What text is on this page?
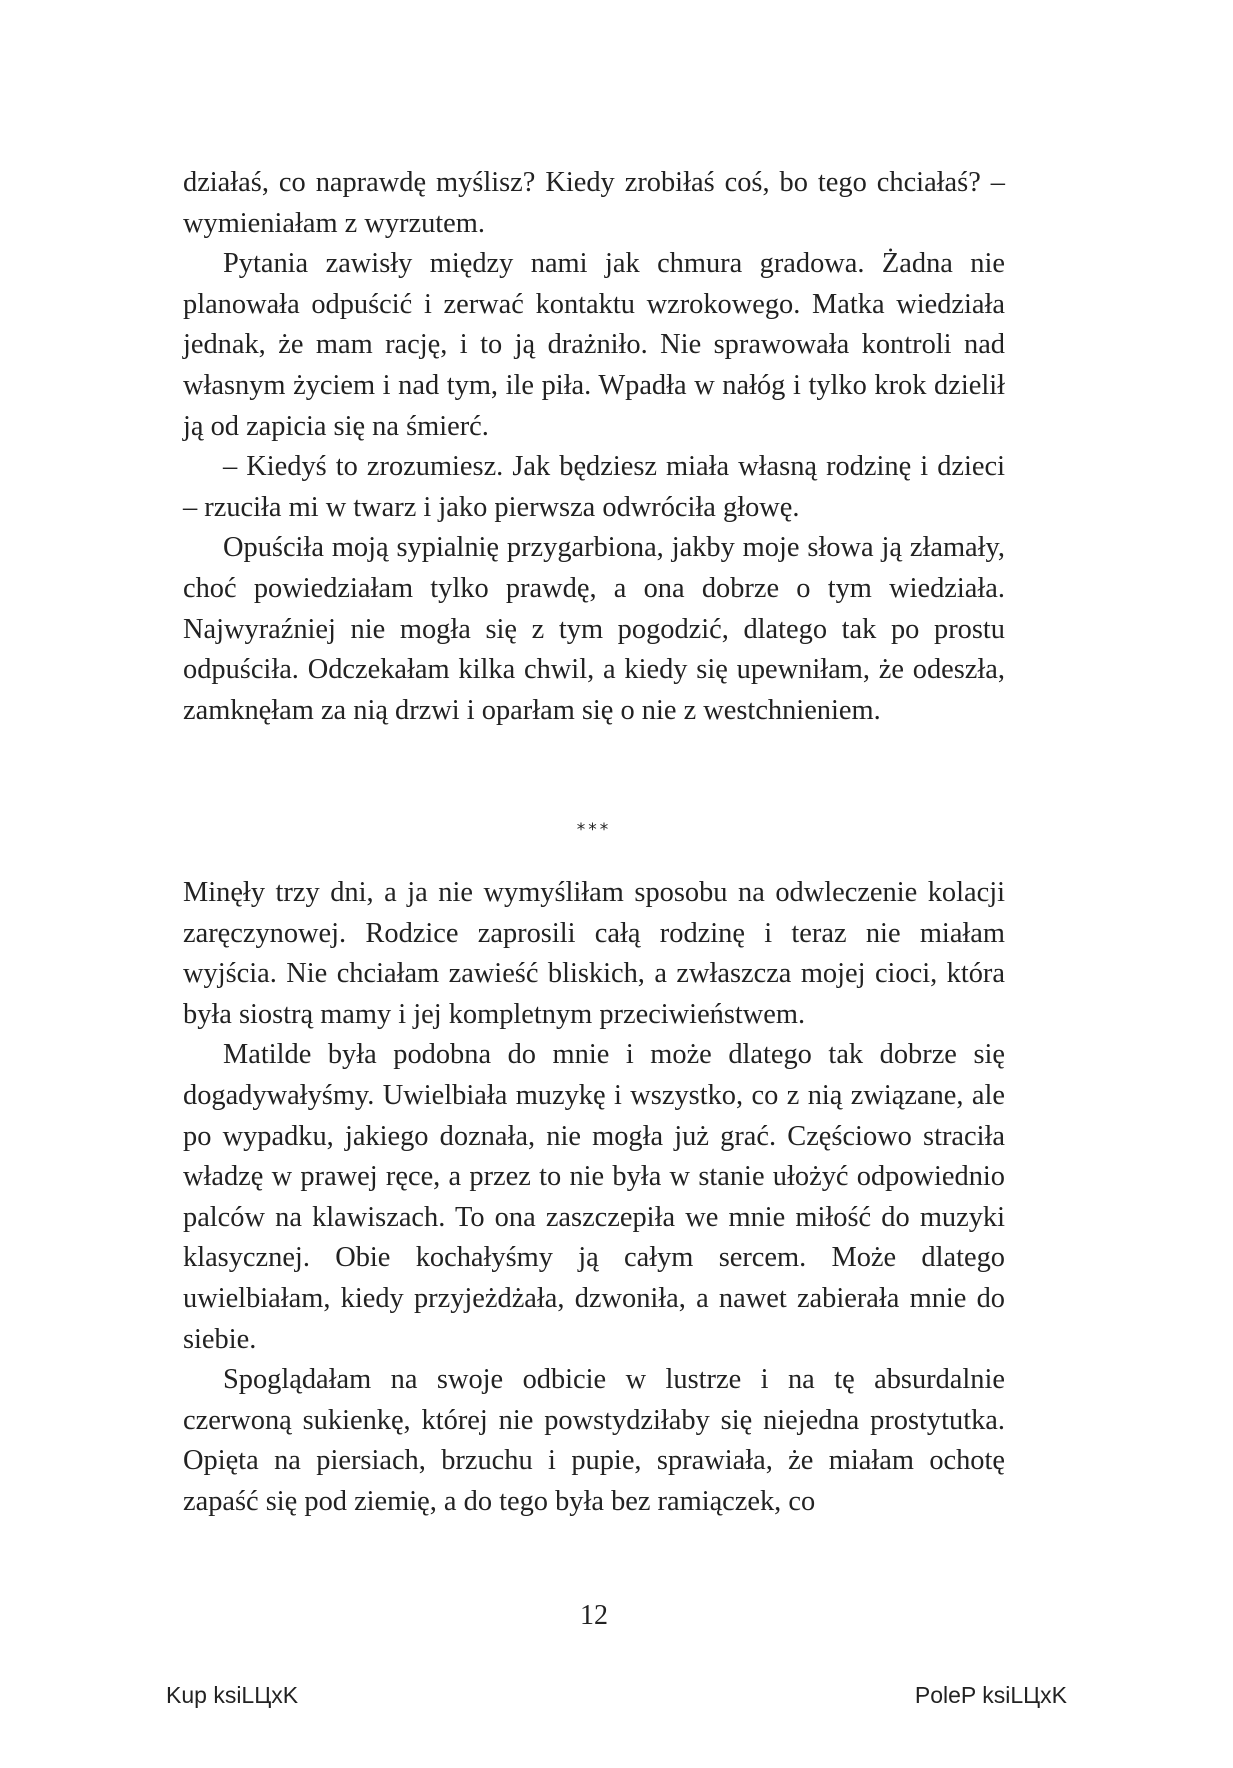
działaś, co naprawdę myślisz? Kiedy zrobiłaś coś, bo tego chciałaś? – wymieniałam z wyrzutem.

Pytania zawisły między nami jak chmura gradowa. Żadna nie planowała odpuścić i zerwać kontaktu wzrokowego. Matka wiedziała jednak, że mam rację, i to ją drażniło. Nie sprawowała kontroli nad własnym życiem i nad tym, ile piła. Wpadła w nałóg i tylko krok dzielił ją od zapicia się na śmierć.

– Kiedyś to zrozumiesz. Jak będziesz miała własną rodzinę i dzieci – rzuciła mi w twarz i jako pierwsza odwróciła głowę.

Opuściła moją sypialnię przygarbiona, jakby moje słowa ją złamały, choć powiedziałam tylko prawdę, a ona dobrze o tym wiedziała. Najwyraźniej nie mogła się z tym pogodzić, dlatego tak po prostu odpuściła. Odczekałam kilka chwil, a kiedy się upewniłam, że odeszła, zamknęłam za nią drzwi i oparłam się o nie z westchnieniem.

***

Minęły trzy dni, a ja nie wymyśliłam sposobu na odwleczenie kolacji zaręczynowej. Rodzice zaprosili całą rodzinę i teraz nie miałam wyjścia. Nie chciałam zawieść bliskich, a zwłaszcza mojej cioci, która była siostrą mamy i jej kompletnym przeciwieństwem.

Matilde była podobna do mnie i może dlatego tak dobrze się dogadywałyśmy. Uwielbiała muzykę i wszystko, co z nią związane, ale po wypadku, jakiego doznała, nie mogła już grać. Częściowo straciła władzę w prawej ręce, a przez to nie była w stanie ułożyć odpowiednio palców na klawiszach. To ona zaszczepiła we mnie miłość do muzyki klasycznej. Obie kochałyśmy ją całym sercem. Może dlatego uwielbiałam, kiedy przyjeżdżała, dzwoniła, a nawet zabierała mnie do siebie.

Spoglądałam na swoje odbicie w lustrze i na tę absurdalnie czerwoną sukienkę, której nie powstydziłaby się niejedna prostytutka. Opięta na piersiach, brzuchu i pupie, sprawiała, że miałam ochotę zapaść się pod ziemię, a do tego była bez ramiączek, co

12
Kup ksiLЦхK	PoleP ksiLЦхK
